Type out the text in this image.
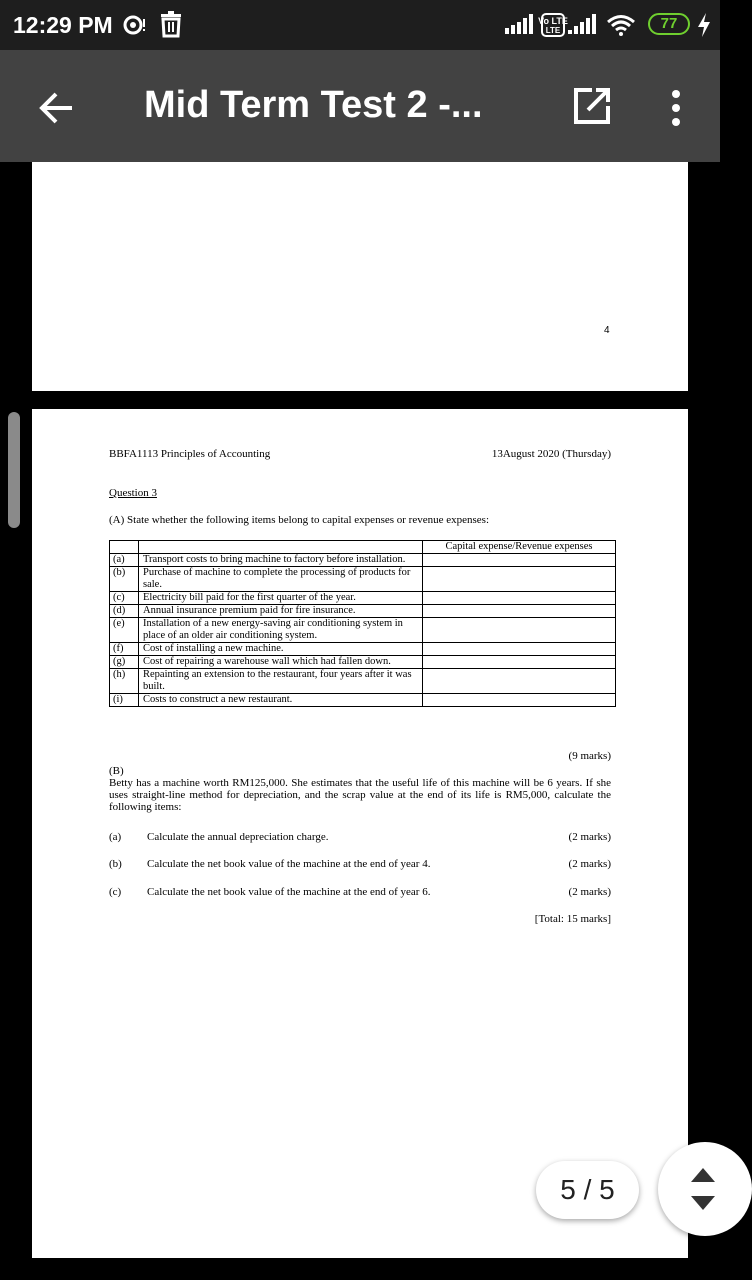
12:29 PM	Vo LTE
LTE	77
Mid Term Test 2 -...
4
BBFA1113 Principles of Accounting	13August 2020 (Thursday)
Question 3
(A) State whether the following items belong to capital expenses or revenue expenses:
		Capital expense/Revenue expenses
(a)	Transport costs to bring machine to factory before installation.	
(b)	Purchase of machine to complete the processing of products for sale.	
(c)	Electricity bill paid for the first quarter of the year.	
(d)	Annual insurance premium paid for fire insurance.	
(e)	Installation of a new energy-saving air conditioning system in place of an older air conditioning system.	
(f)	Cost of installing a new machine.	
(g)	Cost of repairing a warehouse wall which had fallen down.	
(h)	Repainting an extension to the restaurant, four years after it was built.	
(i)	Costs to construct a new restaurant.	
(9 marks)
(B)
Betty has a machine worth RM125,000. She estimates that the useful life of this machine will be 6 years. If she uses straight-line method for depreciation, and the scrap value at the end of its life is RM5,000, calculate the following items:
(a) Calculate the annual depreciation charge.	(2 marks)
(b) Calculate the net book value of the machine at the end of year 4.	(2 marks)
(c) Calculate the net book value of the machine at the end of year 6.	(2 marks)
[Total: 15 marks]
5 / 5
